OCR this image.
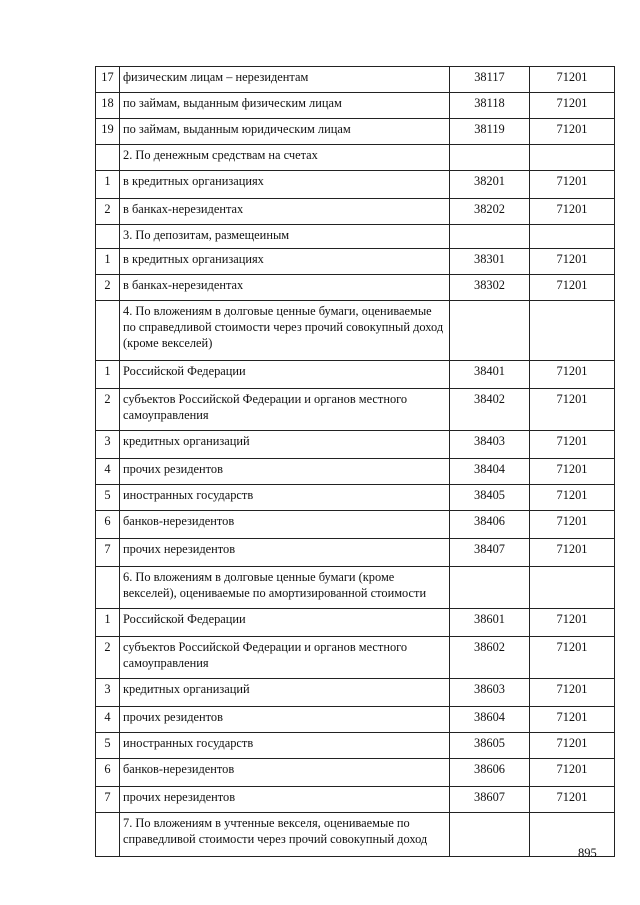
17	физическим лицам – нерезидентам	38117	71201
18	по займам, выданным физическим лицам	38118	71201
19	по займам, выданным юридическим лицам	38119	71201
	2. По денежным средствам на счетах		
1	в кредитных организациях	38201	71201
2	в банках-нерезидентах	38202	71201
	3. По депозитам, размещеиным		
1	в кредитных организациях	38301	71201
2	в банках-нерезидентах	38302	71201
	4. По вложениям в долговые ценные бумаги, оцениваемые по справедливой стоимости через прочий совокупный доход (кроме векселей)		
1	Российской Федерации	38401	71201
2	субъектов Российской Федерации и органов местного самоуправления	38402	71201
3	кредитных организаций	38403	71201
4	прочих резидентов	38404	71201
5	иностранных государств	38405	71201
6	банков-нерезидентов	38406	71201
7	прочих нерезидентов	38407	71201
	6. По вложениям в долговые ценные бумаги (кроме векселей), оцениваемые по амортизированной стоимости		
1	Российской Федерации	38601	71201
2	субъектов Российской Федерации и органов местного самоуправления	38602	71201
3	кредитных организаций	38603	71201
4	прочих резидентов	38604	71201
5	иностранных государств	38605	71201
6	банков-нерезидентов	38606	71201
7	прочих нерезидентов	38607	71201
	7. По вложениям в учтенные векселя, оцениваемые по справедливой стоимости через прочий совокупный доход		
895
